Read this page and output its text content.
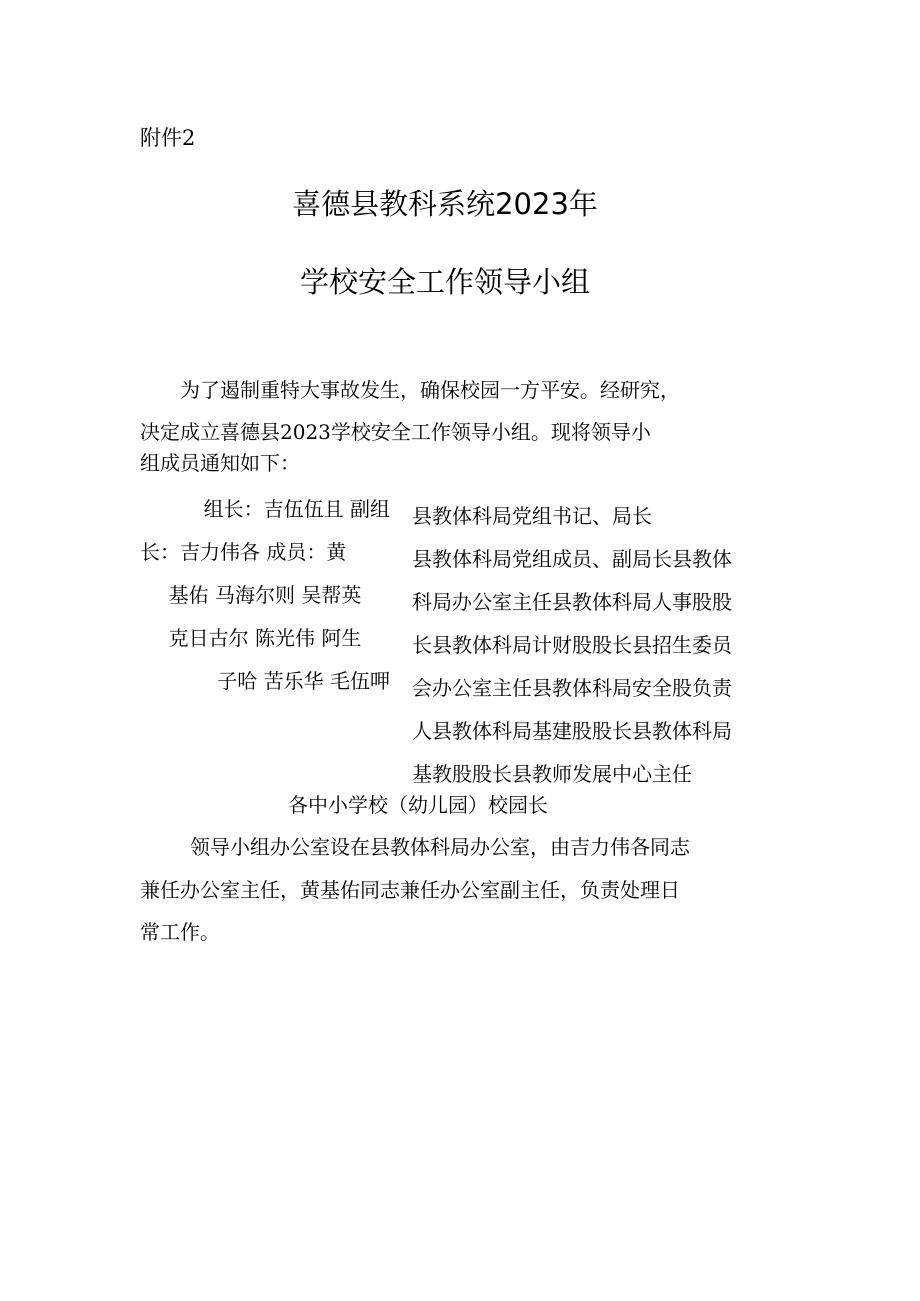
附件2
喜德县教科系统2023年
学校安全工作领导小组
为了遏制重特大事故发生，确保校园一方平安。经研究，
决定成立喜德县2023学校安全工作领导小组。现将领导小
组成员通知如下：
组长：吉伍伍且 副组
长：吉力伟各 成员：黄
基佑 马海尔则 吴帮英
克日古尔 陈光伟 阿生
子哈 苦乐华 毛伍呷
县教体科局党组书记、局长
县教体科局党组成员、副局长县教体
科局办公室主任县教体科局人事股股
长县教体科局计财股股长县招生委员
会办公室主任县教体科局安全股负责
人县教体科局基建股股长县教体科局
基教股股长县教师发展中心主任
各中小学校（幼儿园）校园长
领导小组办公室设在县教体科局办公室，由吉力伟各同志
兼任办公室主任，黄基佑同志兼任办公室副主任，负责处理日
常工作。
